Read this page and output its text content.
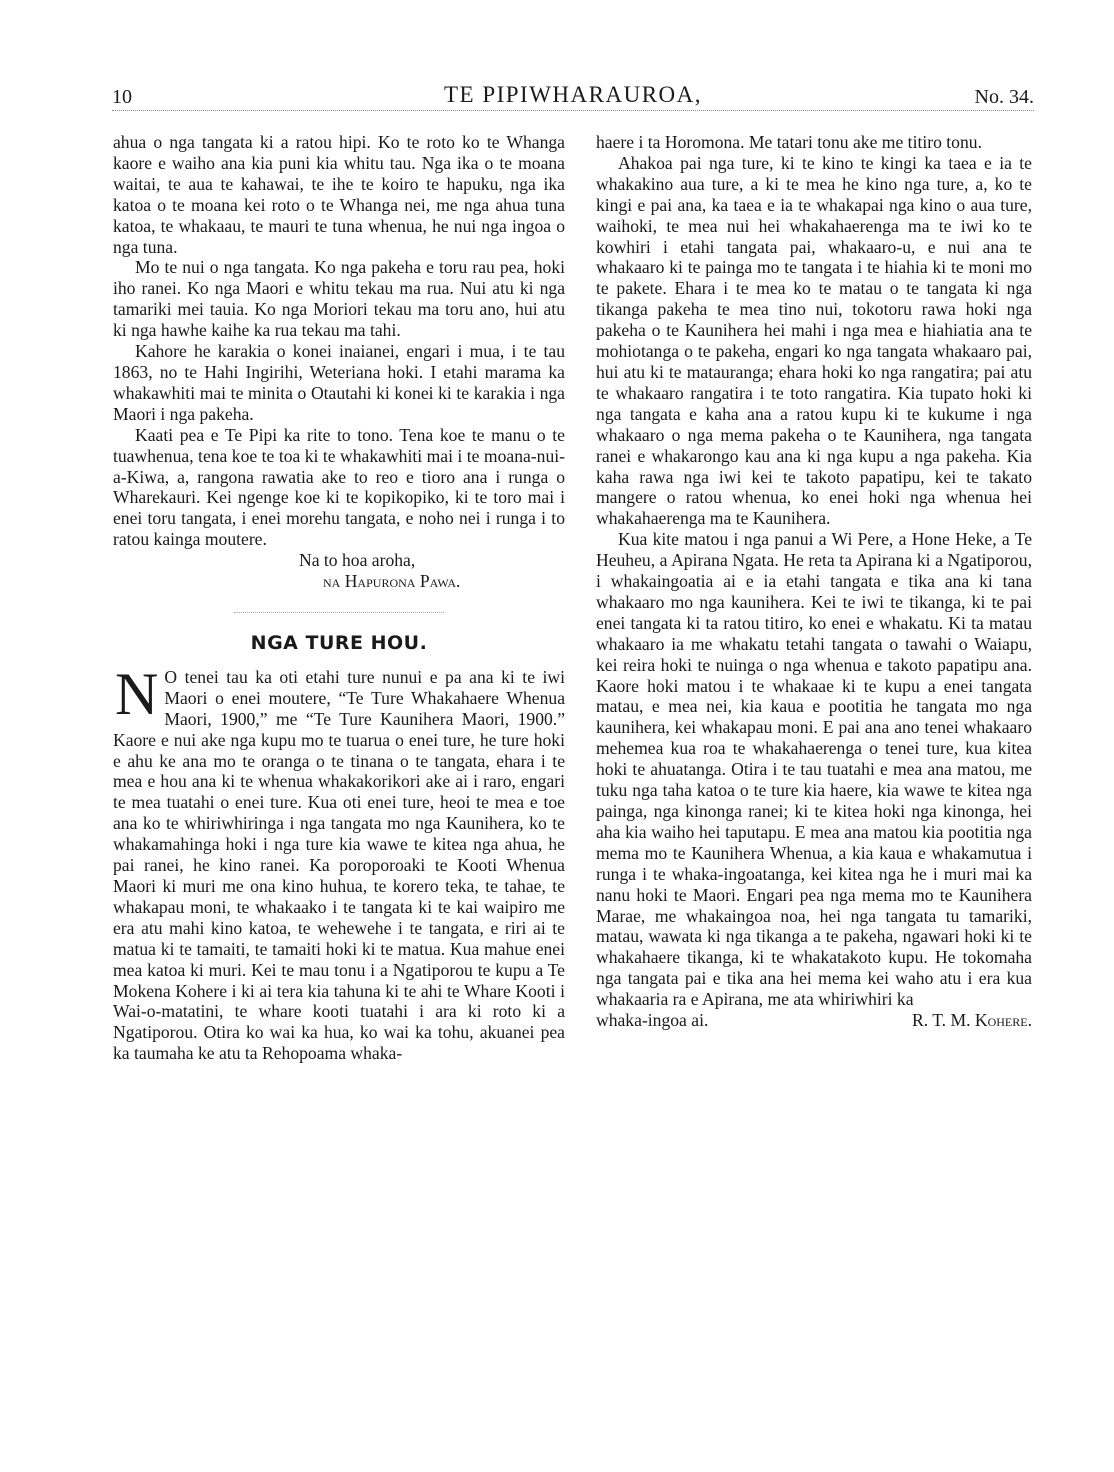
10	TE PIPIWHARAUROA,	No. 34.

ahua o nga tangata ki a ratou hipi. Ko te roto ko te Whanga kaore e waiho ana kia puni kia whitu tau. Nga ika o te moana waitai, te aua te kahawai, te ihe te koiro te hapuku, nga ika katoa o te moana kei roto o te Whanga nei, me nga ahua tuna katoa, te whakaau, te mauri te tuna whenua, he nui nga ingoa o nga tuna.

Mo te nui o nga tangata. Ko nga pakeha e toru rau pea, hoki iho ranei. Ko nga Maori e whitu tekau ma rua. Nui atu ki nga tamariki mei tauia. Ko nga Moriori tekau ma toru ano, hui atu ki nga hawhe kaihe ka rua tekau ma tahi.

Kahore he karakia o konei inaianei, engari i mua, i te tau 1863, no te Hahi Ingirihi, Weteriana hoki. I etahi marama ka whakawhiti mai te minita o Otautahi ki konei ki te karakia i nga Maori i nga pakeha.

Kaati pea e Te Pipi ka rite to tono. Tena koe te manu o te tuawhenua, tena koe te toa ki te whakawhiti mai i te moana-nui-a-Kiwa, a, rangona rawatia ake to reo e tioro ana i runga o Wharekauri. Kei ngenge koe ki te kopikopiko, ki te toro mai i enei toru tangata, i enei morehu tangata, e noho nei i runga i to ratou kainga moutere.

Na to hoa aroha,

na Hapurona Pawa.

NGA TURE HOU.

N O tenei tau ka oti etahi ture nunui e pa ana ki te iwi Maori o enei moutere, “Te Ture Whakahaere Whenua Maori, 1900,” me “Te Ture Kaunihera Maori, 1900.” Kaore e nui ake nga kupu mo te tuarua o enei ture, he ture hoki e ahu ke ana mo te oranga o te tinana o te tangata, ehara i te mea e hou ana ki te whenua whakakorikori ake ai i raro, engari te mea tuatahi o enei ture. Kua oti enei ture, heoi te mea e toe ana ko te whiriwhiringa i nga tangata mo nga Kaunihera, ko te whakamahinga hoki i nga ture kia wawe te kitea nga ahua, he pai ranei, he kino ranei. Ka poroporoaki te Kooti Whenua Maori ki muri me ona kino huhua, te korero teka, te tahae, te whakapau moni, te whakaako i te tangata ki te kai waipiro me era atu mahi kino katoa, te wehewehe i te tangata, e riri ai te matua ki te tamaiti, te tamaiti hoki ki te matua. Kua mahue enei mea katoa ki muri. Kei te mau tonu i a Ngatiporou te kupu a Te Mokena Kohere i ki ai tera kia tahuna ki te ahi te Whare Kooti i Wai-o-matatini, te whare kooti tuatahi i ara ki roto ki a Ngatiporou. Otira ko wai ka hua, ko wai ka tohu, akuanei pea ka taumaha ke atu ta Rehopoama whaka-

haere i ta Horomona. Me tatari tonu ake me titiro tonu.

Ahakoa pai nga ture, ki te kino te kingi ka taea e ia te whakakino aua ture, a ki te mea he kino nga ture, a, ko te kingi e pai ana, ka taea e ia te whakapai nga kino o aua ture, waihoki, te mea nui hei whakahaerenga ma te iwi ko te kowhiri i etahi tangata pai, whakaaro-u, e nui ana te whakaaro ki te painga mo te tangata i te hiahia ki te moni mo te pakete. Ehara i te mea ko te matau o te tangata ki nga tikanga pakeha te mea tino nui, tokotoru rawa hoki nga pakeha o te Kaunihera hei mahi i nga mea e hiahiatia ana te mohiotanga o te pakeha, engari ko nga tangata whakaaro pai, hui atu ki te matauranga; ehara hoki ko nga rangatira; pai atu te whakaaro rangatira i te toto rangatira. Kia tupato hoki ki nga tangata e kaha ana a ratou kupu ki te kukume i nga whakaaro o nga mema pakeha o te Kaunihera, nga tangata ranei e whakarongo kau ana ki nga kupu a nga pakeha. Kia kaha rawa nga iwi kei te takoto papatipu, kei te takato mangere o ratou whenua, ko enei hoki nga whenua hei whakahaerenga ma te Kaunihera.

Kua kite matou i nga panui a Wi Pere, a Hone Heke, a Te Heuheu, a Apirana Ngata. He reta ta Apirana ki a Ngatiporou, i whakaingoatia ai e ia etahi tangata e tika ana ki tana whakaaro mo nga kaunihera. Kei te iwi te tikanga, ki te pai enei tangata ki ta ratou titiro, ko enei e whakatu. Ki ta matau whakaaro ia me whakatu tetahi tangata o tawahi o Waiapu, kei reira hoki te nuinga o nga whenua e takoto papatipu ana. Kaore hoki matou i te whakaae ki te kupu a enei tangata matau, e mea nei, kia kaua e pootitia he tangata mo nga kaunihera, kei whakapau moni. E pai ana ano tenei whakaaro mehemea kua roa te whakahaerenga o tenei ture, kua kitea hoki te ahuatanga. Otira i te tau tuatahi e mea ana matou, me tuku nga taha katoa o te ture kia haere, kia wawe te kitea nga painga, nga kinonga ranei; ki te kitea hoki nga kinonga, hei aha kia waiho hei taputapu. E mea ana matou kia pootitia nga mema mo te Kaunihera Whenua, a kia kaua e whakamutua i runga i te whaka-ingoatanga, kei kitea nga he i muri mai ka nanu hoki te Maori. Engari pea nga mema mo te Kaunihera Marae, me whakaingoa noa, hei nga tangata tu tamariki, matau, wawata ki nga tikanga a te pakeha, ngawari hoki ki te whakahaere tikanga, ki te whakatakoto kupu. He tokomaha nga tangata pai e tika ana hei mema kei waho atu i era kua whakaaria ra e Apirana, me ata whiriwhiri ka

whaka-ingoa ai.	R. T. M. Kohere.
